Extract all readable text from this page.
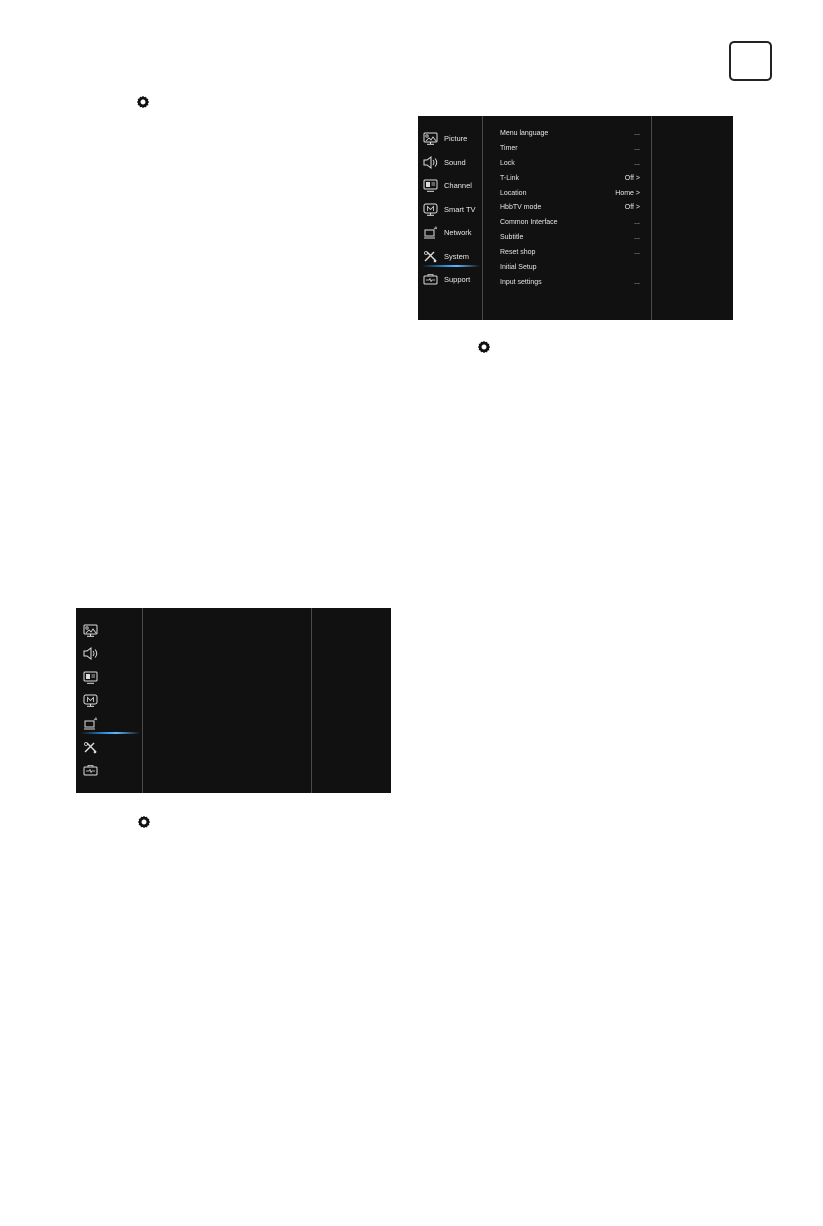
Picture
Sound
Channel
Smart TV
Network
System
Support
Menu language	...
Timer	...
Lock	...
T-Link	Off >
Location	Home >
HbbTV mode	Off >
Common Interface	...
Subtitle	...
Reset shop	...
Initial Setup
Input settings	...
